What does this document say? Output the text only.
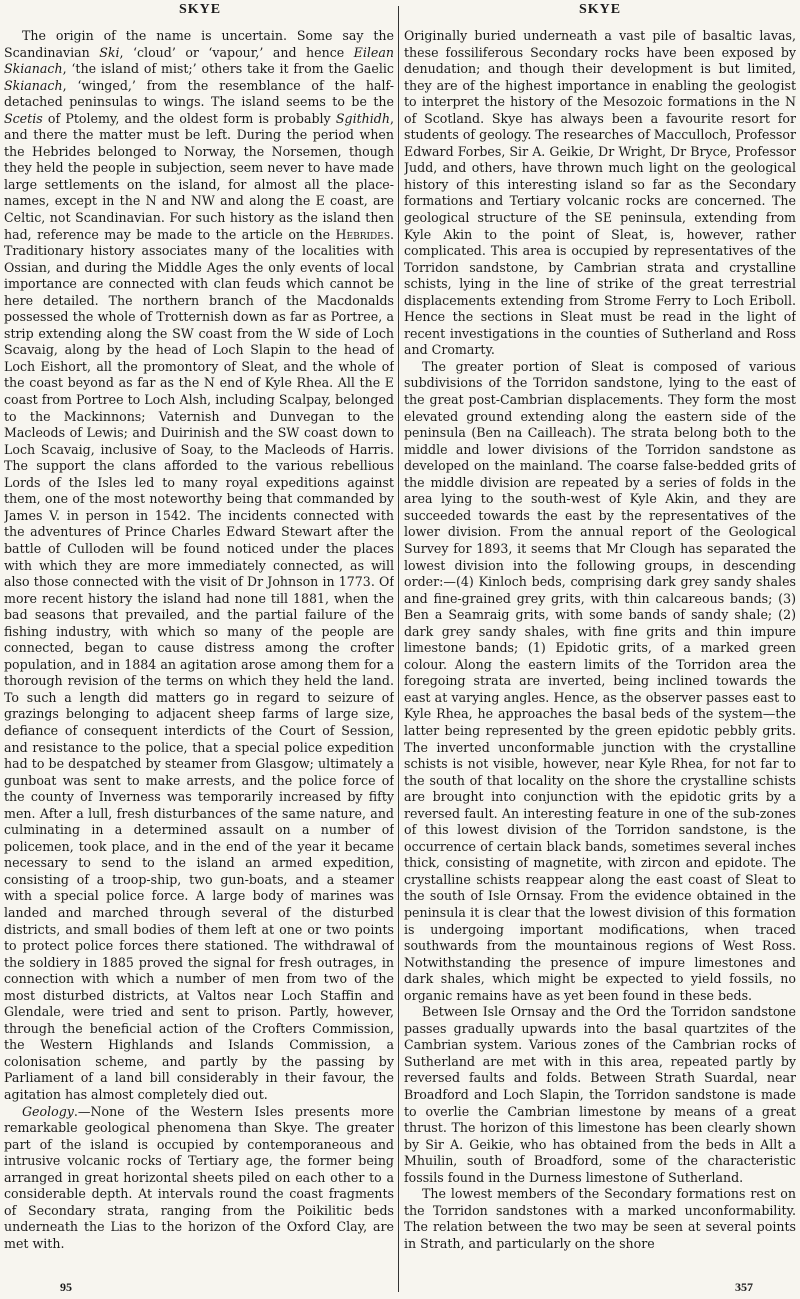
SKYE	SKYE

The origin of the name is uncertain. Some say the Scandinavian Ski, ‘cloud’ or ‘vapour,’ and hence Eilean Skianach, ‘the island of mist;’ others take it from the Gaelic Skianach, ‘winged,’ from the resemblance of the half-detached peninsulas to wings. The island seems to be the Scetis of Ptolemy, and the oldest form is probably Sgithidh, and there the matter must be left. During the period when the Hebrides belonged to Norway, the Norsemen, though they held the people in subjection, seem never to have made large settlements on the island, for almost all the place-names, except in the N and NW and along the E coast, are Celtic, not Scandinavian. For such history as the island then had, reference may be made to the article on the Hebrides. Traditionary history associates many of the localities with Ossian, and during the Middle Ages the only events of local importance are connected with clan feuds which cannot be here detailed. The northern branch of the Macdonalds possessed the whole of Trotternish down as far as Portree, a strip extending along the SW coast from the W side of Loch Scavaig, along by the head of Loch Slapin to the head of Loch Eishort, all the promontory of Sleat, and the whole of the coast beyond as far as the N end of Kyle Rhea. All the E coast from Portree to Loch Alsh, including Scalpay, belonged to the Mackinnons; Vaternish and Dunvegan to the Macleods of Lewis; and Duirinish and the SW coast down to Loch Scavaig, inclusive of Soay, to the Macleods of Harris. The support the clans afforded to the various rebellious Lords of the Isles led to many royal expeditions against them, one of the most noteworthy being that commanded by James V. in person in 1542. The incidents connected with the adventures of Prince Charles Edward Stewart after the battle of Culloden will be found noticed under the places with which they are more immediately connected, as will also those connected with the visit of Dr Johnson in 1773. Of more recent history the island had none till 1881, when the bad seasons that prevailed, and the partial failure of the fishing industry, with which so many of the people are connected, began to cause distress among the crofter population, and in 1884 an agitation arose among them for a thorough revision of the terms on which they held the land. To such a length did matters go in regard to seizure of grazings belonging to adjacent sheep farms of large size, defiance of consequent interdicts of the Court of Session, and resistance to the police, that a special police expedition had to be despatched by steamer from Glasgow; ultimately a gunboat was sent to make arrests, and the police force of the county of Inverness was temporarily increased by fifty men. After a lull, fresh disturbances of the same nature, and culminating in a determined assault on a number of policemen, took place, and in the end of the year it became necessary to send to the island an armed expedition, consisting of a troop-ship, two gun-boats, and a steamer with a special police force. A large body of marines was landed and marched through several of the disturbed districts, and small bodies of them left at one or two points to protect police forces there stationed. The withdrawal of the soldiery in 1885 proved the signal for fresh outrages, in connection with which a number of men from two of the most disturbed districts, at Valtos near Loch Staffin and Glendale, were tried and sent to prison. Partly, however, through the beneficial action of the Crofters Commission, the Western Highlands and Islands Commission, a colonisation scheme, and partly by the passing by Parliament of a land bill considerably in their favour, the agitation has almost completely died out.

Geology.—None of the Western Isles presents more remarkable geological phenomena than Skye. The greater part of the island is occupied by contemporaneous and intrusive volcanic rocks of Tertiary age, the former being arranged in great horizontal sheets piled on each other to a considerable depth. At intervals round the coast fragments of Secondary strata, ranging from the Poikilitic beds underneath the Lias to the horizon of the Oxford Clay, are met with.

Originally buried underneath a vast pile of basaltic lavas, these fossiliferous Secondary rocks have been exposed by denudation; and though their development is but limited, they are of the highest importance in enabling the geologist to interpret the history of the Mesozoic formations in the N of Scotland. Skye has always been a favourite resort for students of geology. The researches of Macculloch, Professor Edward Forbes, Sir A. Geikie, Dr Wright, Dr Bryce, Professor Judd, and others, have thrown much light on the geological history of this interesting island so far as the Secondary formations and Tertiary volcanic rocks are concerned. The geological structure of the SE peninsula, extending from Kyle Akin to the point of Sleat, is, however, rather complicated. This area is occupied by representatives of the Torridon sandstone, by Cambrian strata and crystalline schists, lying in the line of strike of the great terrestrial displacements extending from Strome Ferry to Loch Eriboll. Hence the sections in Sleat must be read in the light of recent investigations in the counties of Sutherland and Ross and Cromarty.

The greater portion of Sleat is composed of various subdivisions of the Torridon sandstone, lying to the east of the great post-Cambrian displacements. They form the most elevated ground extending along the eastern side of the peninsula (Ben na Cailleach). The strata belong both to the middle and lower divisions of the Torridon sandstone as developed on the mainland. The coarse false-bedded grits of the middle division are repeated by a series of folds in the area lying to the south-west of Kyle Akin, and they are succeeded towards the east by the representatives of the lower division. From the annual report of the Geological Survey for 1893, it seems that Mr Clough has separated the lowest division into the following groups, in descending order:—(4) Kinloch beds, comprising dark grey sandy shales and fine-grained grey grits, with thin calcareous bands; (3) Ben a Seamraig grits, with some bands of sandy shale; (2) dark grey sandy shales, with fine grits and thin impure limestone bands; (1) Epidotic grits, of a marked green colour. Along the eastern limits of the Torridon area the foregoing strata are inverted, being inclined towards the east at varying angles. Hence, as the observer passes east to Kyle Rhea, he approaches the basal beds of the system—the latter being represented by the green epidotic pebbly grits. The inverted unconformable junction with the crystalline schists is not visible, however, near Kyle Rhea, for not far to the south of that locality on the shore the crystalline schists are brought into conjunction with the epidotic grits by a reversed fault. An interesting feature in one of the sub-zones of this lowest division of the Torridon sandstone, is the occurrence of certain black bands, sometimes several inches thick, consisting of magnetite, with zircon and epidote. The crystalline schists reappear along the east coast of Sleat to the south of Isle Ornsay. From the evidence obtained in the peninsula it is clear that the lowest division of this formation is undergoing important modifications, when traced southwards from the mountainous regions of West Ross. Notwithstanding the presence of impure limestones and dark shales, which might be expected to yield fossils, no organic remains have as yet been found in these beds.

Between Isle Ornsay and the Ord the Torridon sandstone passes gradually upwards into the basal quartzites of the Cambrian system. Various zones of the Cambrian rocks of Sutherland are met with in this area, repeated partly by reversed faults and folds. Between Strath Suardal, near Broadford and Loch Slapin, the Torridon sandstone is made to overlie the Cambrian limestone by means of a great thrust. The horizon of this limestone has been clearly shown by Sir A. Geikie, who has obtained from the beds in Allt a Mhuilin, south of Broadford, some of the characteristic fossils found in the Durness limestone of Sutherland.

The lowest members of the Secondary formations rest on the Torridon sandstones with a marked unconformability. The relation between the two may be seen at several points in Strath, and particularly on the shore

95	357
